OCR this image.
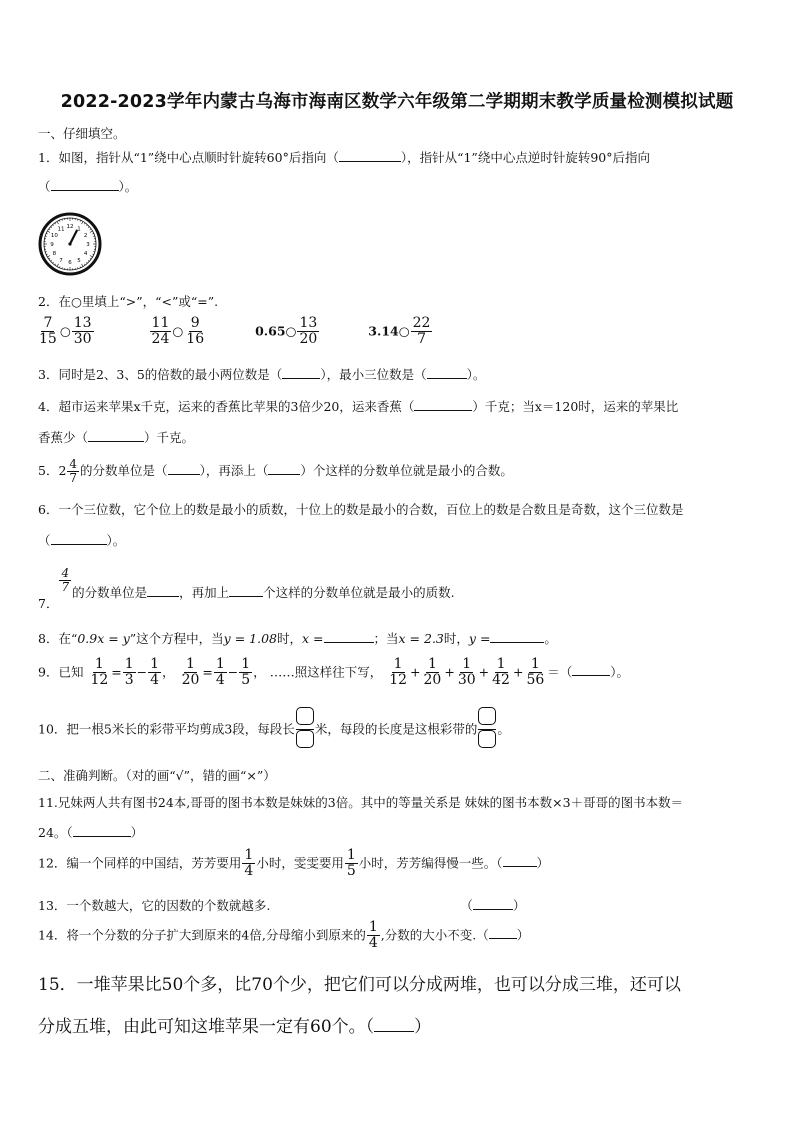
2022-2023学年内蒙古乌海市海南区数学六年级第二学期期末教学质量检测模拟试题
一、仔细填空。
1．如图，指针从“1”绕中心点顺时针旋转60°后指向（	），指针从“1”绕中心点逆时针旋转90°后指向
（	）。
12 1
2
3
4
5
6
7
8
9
10
11
2．在○里填上“>”，“<”或“=”.
$\frac{7}{15}$ ○ $\frac{13}{30}$
	$\frac{11}{24}$ ○ $\frac{9}{16}$	0.65○ $\frac{13}{20}$	3.14○ $\frac{22}{7}$
3．同时是2、3、5的倍数的最小两位数是（	），最小三位数是（	）。
4．超市运来苹果x千克，运来的香蕉比苹果的3倍少20，运来香蕉（	）千克；当x＝120时，运来的苹果比
香蕉少（	）千克。
5．$2 \frac{4}{7}$ 的分数单位是（	），再添上（	）个这样的分数单位就是最小的合数。
6．一个三位数，它个位上的数是最小的质数，十位上的数是最小的合数，百位上的数是合数且是奇数，这个三位数是
（	）。
7．
$\frac{4}{7}$ 的分数单位是	，再加上	个这样的分数单位就是最小的质数.
8．在“0.9x = y”这个方程中，当y = 1.08时，x =	；当x = 2.3时，y =	。
9．已知 $\frac{1}{12} = \frac{1}{3} - \frac{1}{4}$ ， $\frac{1}{20} = \frac{1}{4} - \frac{1}{5}$ ， ……照这样往下写， $\frac{1}{12} + \frac{1}{20} + \frac{1}{30} + \frac{1}{42} + \frac{1}{56}$ ＝（	）。
10．把一根5米长的彩带平均剪成3段，每段长 米，每段的长度是这根彩带的 。
二、准确判断。（对的画“√”，错的画“×”）
11.兄妹两人共有图书24本,哥哥的图书本数是妹妹的3倍。其中的等量关系是 妹妹的图书本数×3＋哥哥的图书本数＝
24。（	）
12．编一个同样的中国结，芳芳要用 $\frac{1}{4}$ 小时，雯雯要用 $\frac{1}{5}$ 小时，芳芳编得慢一些。（	）
13．一个数越大，它的因数的个数就越多.	（	）
14．将一个分数的分子扩大到原来的4倍,分母缩小到原来的 $\frac{1}{4}$ ,分数的大小不变.（ ）
15．一堆苹果比50个多，比70个少，把它们可以分成两堆，也可以分成三堆，还可以
分成五堆，由此可知这堆苹果一定有60个。（ ）
